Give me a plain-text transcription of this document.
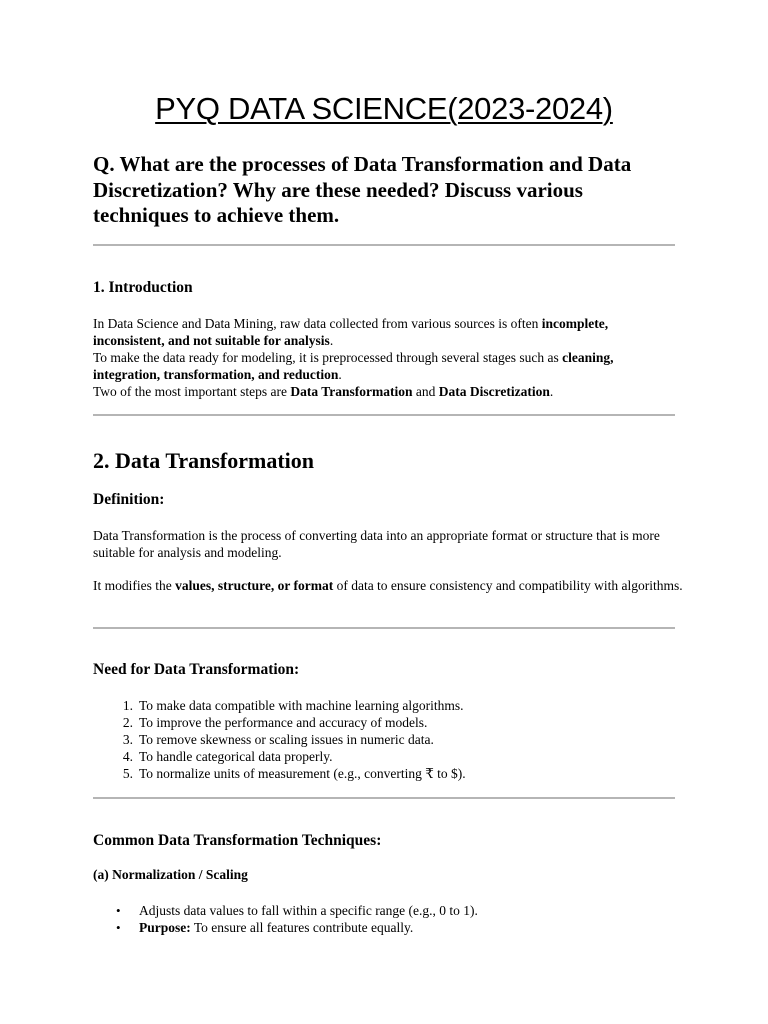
PYQ DATA SCIENCE(2023-2024)

Q. What are the processes of Data Transformation and Data Discretization? Why are these needed? Discuss various techniques to achieve them.

1. Introduction

In Data Science and Data Mining, raw data collected from various sources is often incomplete, inconsistent, and not suitable for analysis.
To make the data ready for modeling, it is preprocessed through several stages such as cleaning, integration, transformation, and reduction.
Two of the most important steps are Data Transformation and Data Discretization.

2. Data Transformation
Definition:

Data Transformation is the process of converting data into an appropriate format or structure that is more suitable for analysis and modeling.

It modifies the values, structure, or format of data to ensure consistency and compatibility with algorithms.

Need for Data Transformation:
1. To make data compatible with machine learning algorithms.
2. To improve the performance and accuracy of models.
3. To remove skewness or scaling issues in numeric data.
4. To handle categorical data properly.
5. To normalize units of measurement (e.g., converting ₹ to $).
Common Data Transformation Techniques:
(a) Normalization / Scaling
• Adjusts data values to fall within a specific range (e.g., 0 to 1).
• Purpose: To ensure all features contribute equally.
